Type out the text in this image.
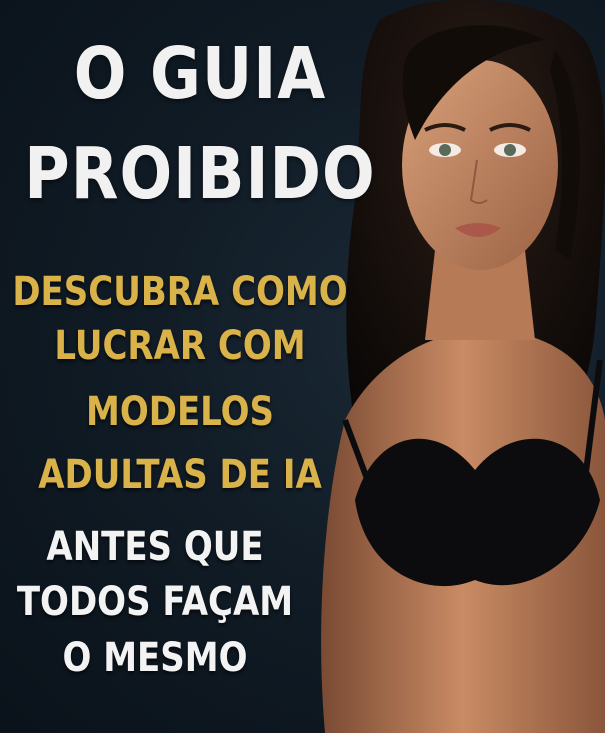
O GUIA
PROIBIDO
DESCUBRA COMO
LUCRAR COM
MODELOS
ADULTAS DE IA
ANTES QUE
TODOS FAÇAM
O MESMO
